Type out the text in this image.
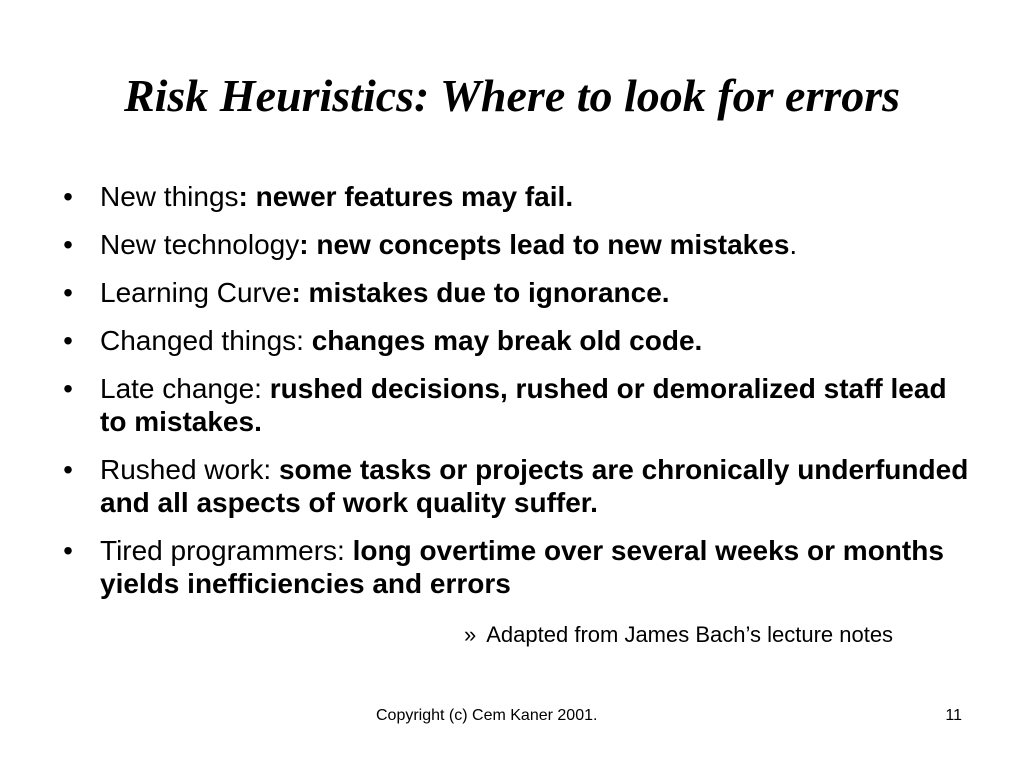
Risk Heuristics: Where to look for errors
• New things: newer features may fail.
• New technology: new concepts lead to new mistakes.
• Learning Curve: mistakes due to ignorance.
• Changed things: changes may break old code.
• Late change: rushed decisions, rushed or demoralized staff lead to mistakes.
• Rushed work: some tasks or projects are chronically underfunded and all aspects of work quality suffer.
• Tired programmers: long overtime over several weeks or months yields inefficiencies and errors
» Adapted from James Bach’s lecture notes
Copyright (c) Cem Kaner 2001.	11
